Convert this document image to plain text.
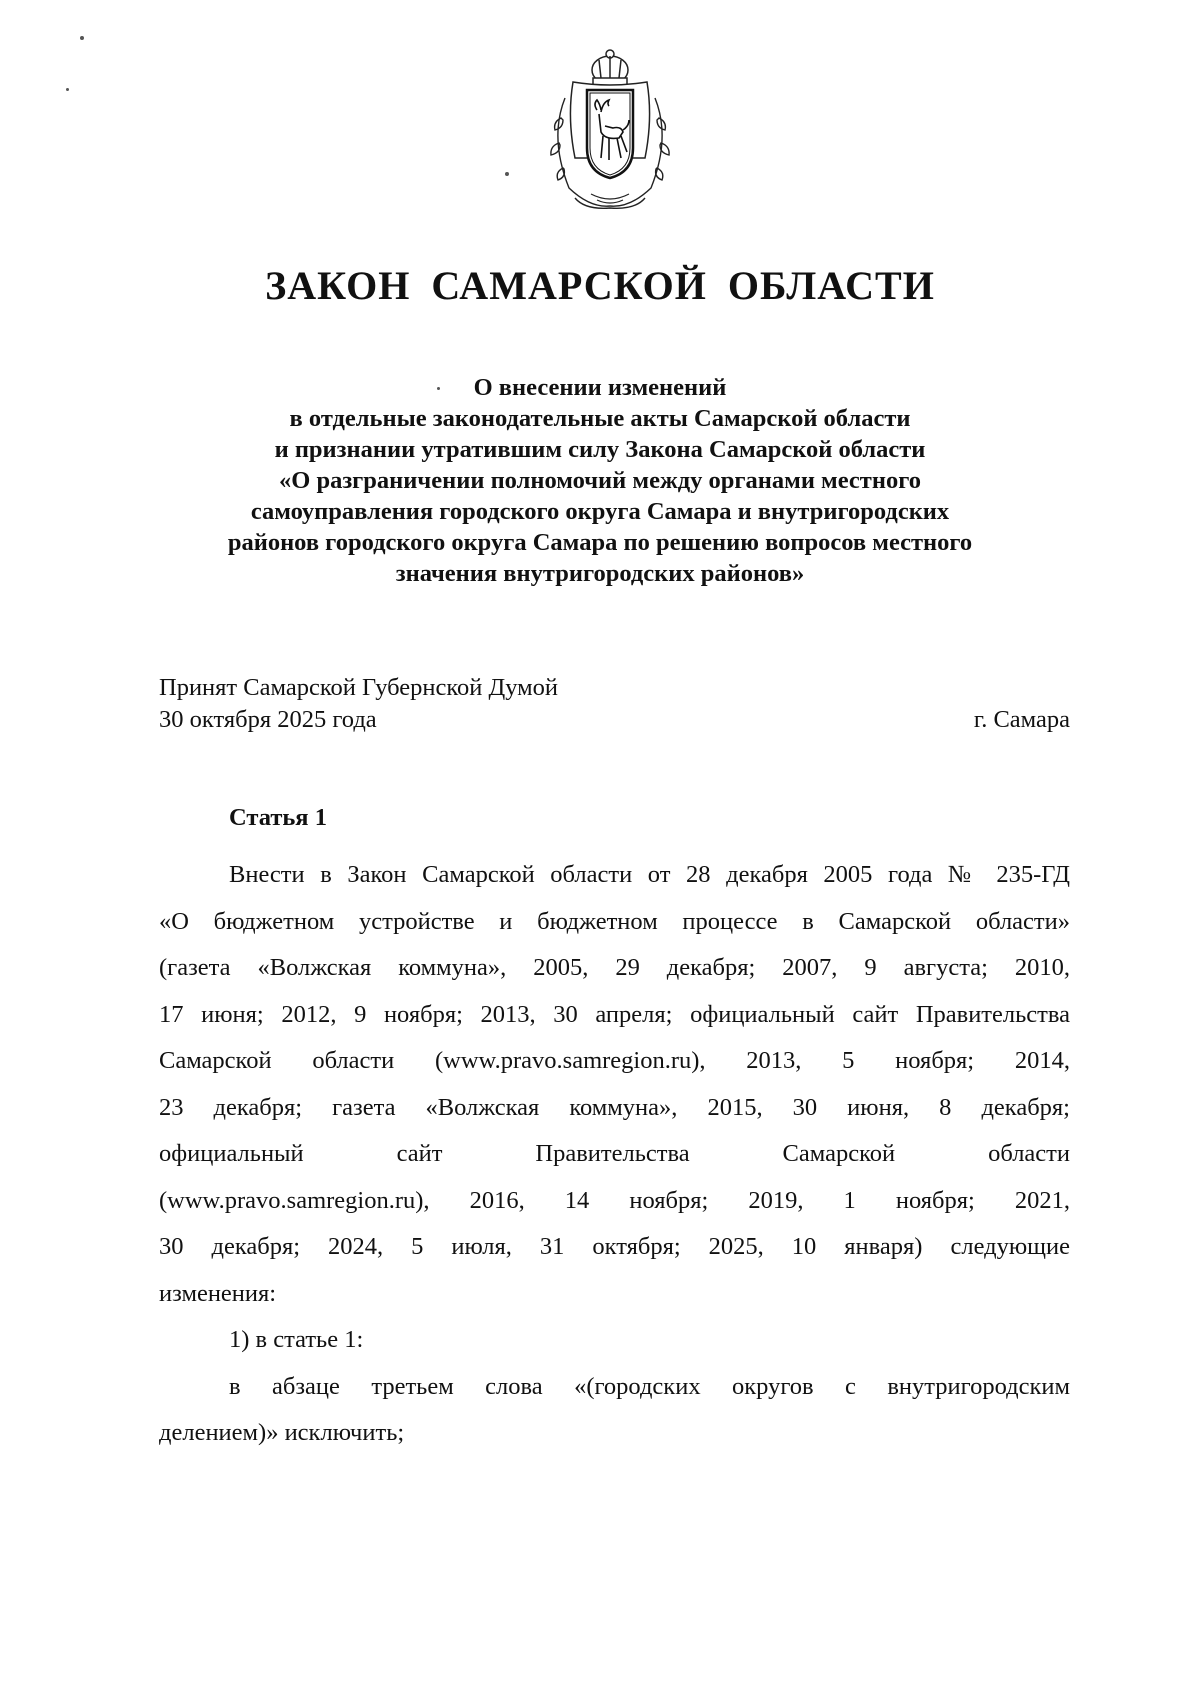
ЗАКОН САМАРСКОЙ ОБЛАСТИ
О внесении изменений
в отдельные законодательные акты Самарской области
и признании утратившим силу Закона Самарской области
«О разграничении полномочий между органами местного
самоуправления городского округа Самара и внутригородских
районов городского округа Самара по решению вопросов местного
значения внутригородских районов»
Принят Самарской Губернской Думой
30 октября 2025 года	г. Самара
Статья 1
Внести в Закон Самарской области от 28 декабря 2005 года № 235-ГД
«О бюджетном устройстве и бюджетном процессе в Самарской области»
(газета «Волжская коммуна», 2005, 29 декабря; 2007, 9 августа; 2010,
17 июня; 2012, 9 ноября; 2013, 30 апреля; официальный сайт Правительства
Самарской области (www.pravo.samregion.ru), 2013, 5 ноября; 2014,
23 декабря; газета «Волжская коммуна», 2015, 30 июня, 8 декабря;
официальный сайт Правительства Самарской области
(www.pravo.samregion.ru), 2016, 14 ноября; 2019, 1 ноября; 2021,
30 декабря; 2024, 5 июля, 31 октября; 2025, 10 января) следующие
изменения:
1) в статье 1:
в абзаце третьем слова «(городских округов с внутригородским
делением)» исключить;
